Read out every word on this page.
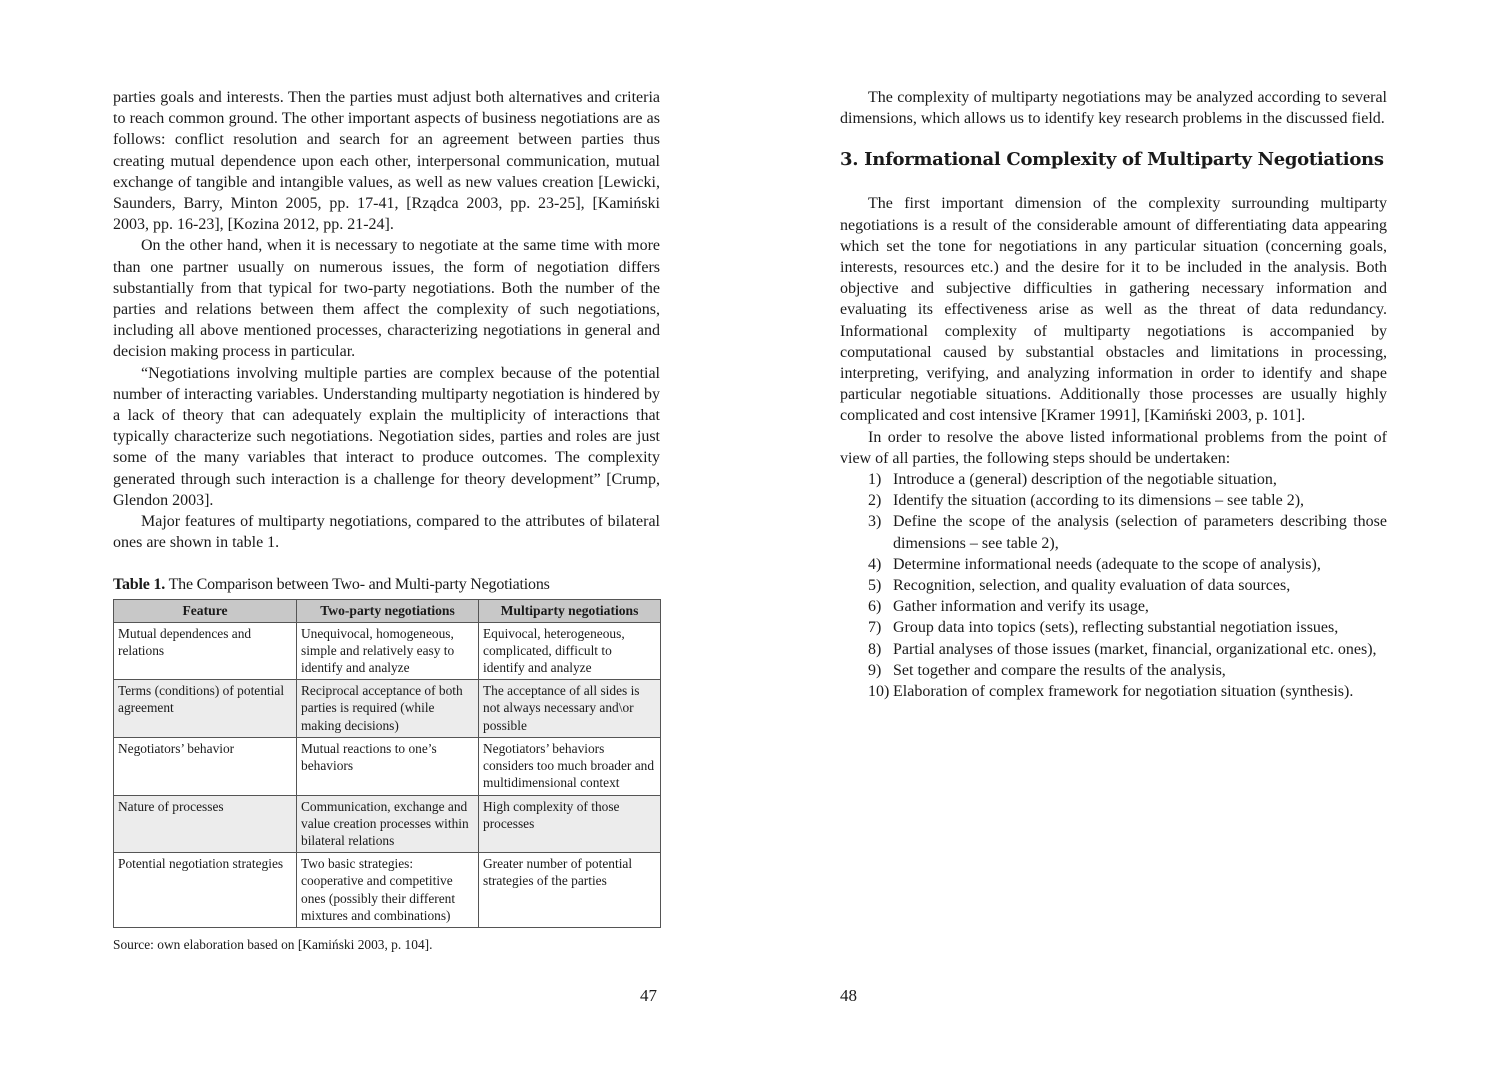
parties goals and interests. Then the parties must adjust both alternatives and criteria to reach common ground. The other important aspects of business negotiations are as follows: conflict resolution and search for an agreement between parties thus creating mutual dependence upon each other, interpersonal communication, mutual exchange of tangible and intangible values, as well as new values creation [Lewicki, Saunders, Barry, Minton 2005, pp. 17-41, [Rządca 2003, pp. 23-25], [Kamiński 2003, pp. 16-23], [Kozina 2012, pp. 21-24].

On the other hand, when it is necessary to negotiate at the same time with more than one partner usually on numerous issues, the form of negotiation differs substantially from that typical for two-party negotiations. Both the number of the parties and relations between them affect the complexity of such negotiations, including all above mentioned processes, characterizing negotiations in general and decision making process in particular.

“Negotiations involving multiple parties are complex because of the potential number of interacting variables. Understanding multiparty negotiation is hindered by a lack of theory that can adequately explain the multiplicity of interactions that typically characterize such negotiations. Negotiation sides, parties and roles are just some of the many variables that interact to produce outcomes. The complexity generated through such interaction is a challenge for theory development” [Crump, Glendon 2003].

Major features of multiparty negotiations, compared to the attributes of bilateral ones are shown in table 1.

Table 1. The Comparison between Two- and Multi-party Negotiations
Feature	Two-party negotiations	Multiparty negotiations
Mutual dependences and relations	Unequivocal, homogeneous, simple and relatively easy to identify and analyze	Equivocal, heterogeneous, complicated, difficult to identify and analyze
Terms (conditions) of potential agreement	Reciprocal acceptance of both parties is required (while making decisions)	The acceptance of all sides is not always necessary and\or possible
Negotiators’ behavior	Mutual reactions to one’s behaviors	Negotiators’ behaviors considers too much broader and multidimensional context
Nature of processes	Communication, exchange and value creation processes within bilateral relations	High complexity of those processes
Potential negotiation strategies	Two basic strategies: cooperative and competitive ones (possibly their different mixtures and combinations)	Greater number of potential strategies of the parties
Source: own elaboration based on [Kamiński 2003, p. 104].
47

The complexity of multiparty negotiations may be analyzed according to several dimensions, which allows us to identify key research problems in the discussed field.

3. Informational Complexity of Multiparty Negotiations

The first important dimension of the complexity surrounding multiparty negotiations is a result of the considerable amount of differentiating data appearing which set the tone for negotiations in any particular situation (concerning goals, interests, resources etc.) and the desire for it to be included in the analysis. Both objective and subjective difficulties in gathering necessary information and evaluating its effectiveness arise as well as the threat of data redundancy. Informational complexity of multiparty negotiations is accompanied by computational caused by substantial obstacles and limitations in processing, interpreting, verifying, and analyzing information in order to identify and shape particular negotiable situations. Additionally those processes are usually highly complicated and cost intensive [Kramer 1991], [Kamiński 2003, p. 101].

In order to resolve the above listed informational problems from the point of view of all parties, the following steps should be undertaken:

1) Introduce a (general) description of the negotiable situation,
2) Identify the situation (according to its dimensions – see table 2),
3) Define the scope of the analysis (selection of parameters describing those dimensions – see table 2),
4) Determine informational needs (adequate to the scope of analysis),
5) Recognition, selection, and quality evaluation of data sources,
6) Gather information and verify its usage,
7) Group data into topics (sets), reflecting substantial negotiation issues,
8) Partial analyses of those issues (market, financial, organizational etc. ones),
9) Set together and compare the results of the analysis,
10) Elaboration of complex framework for negotiation situation (synthesis).
48
